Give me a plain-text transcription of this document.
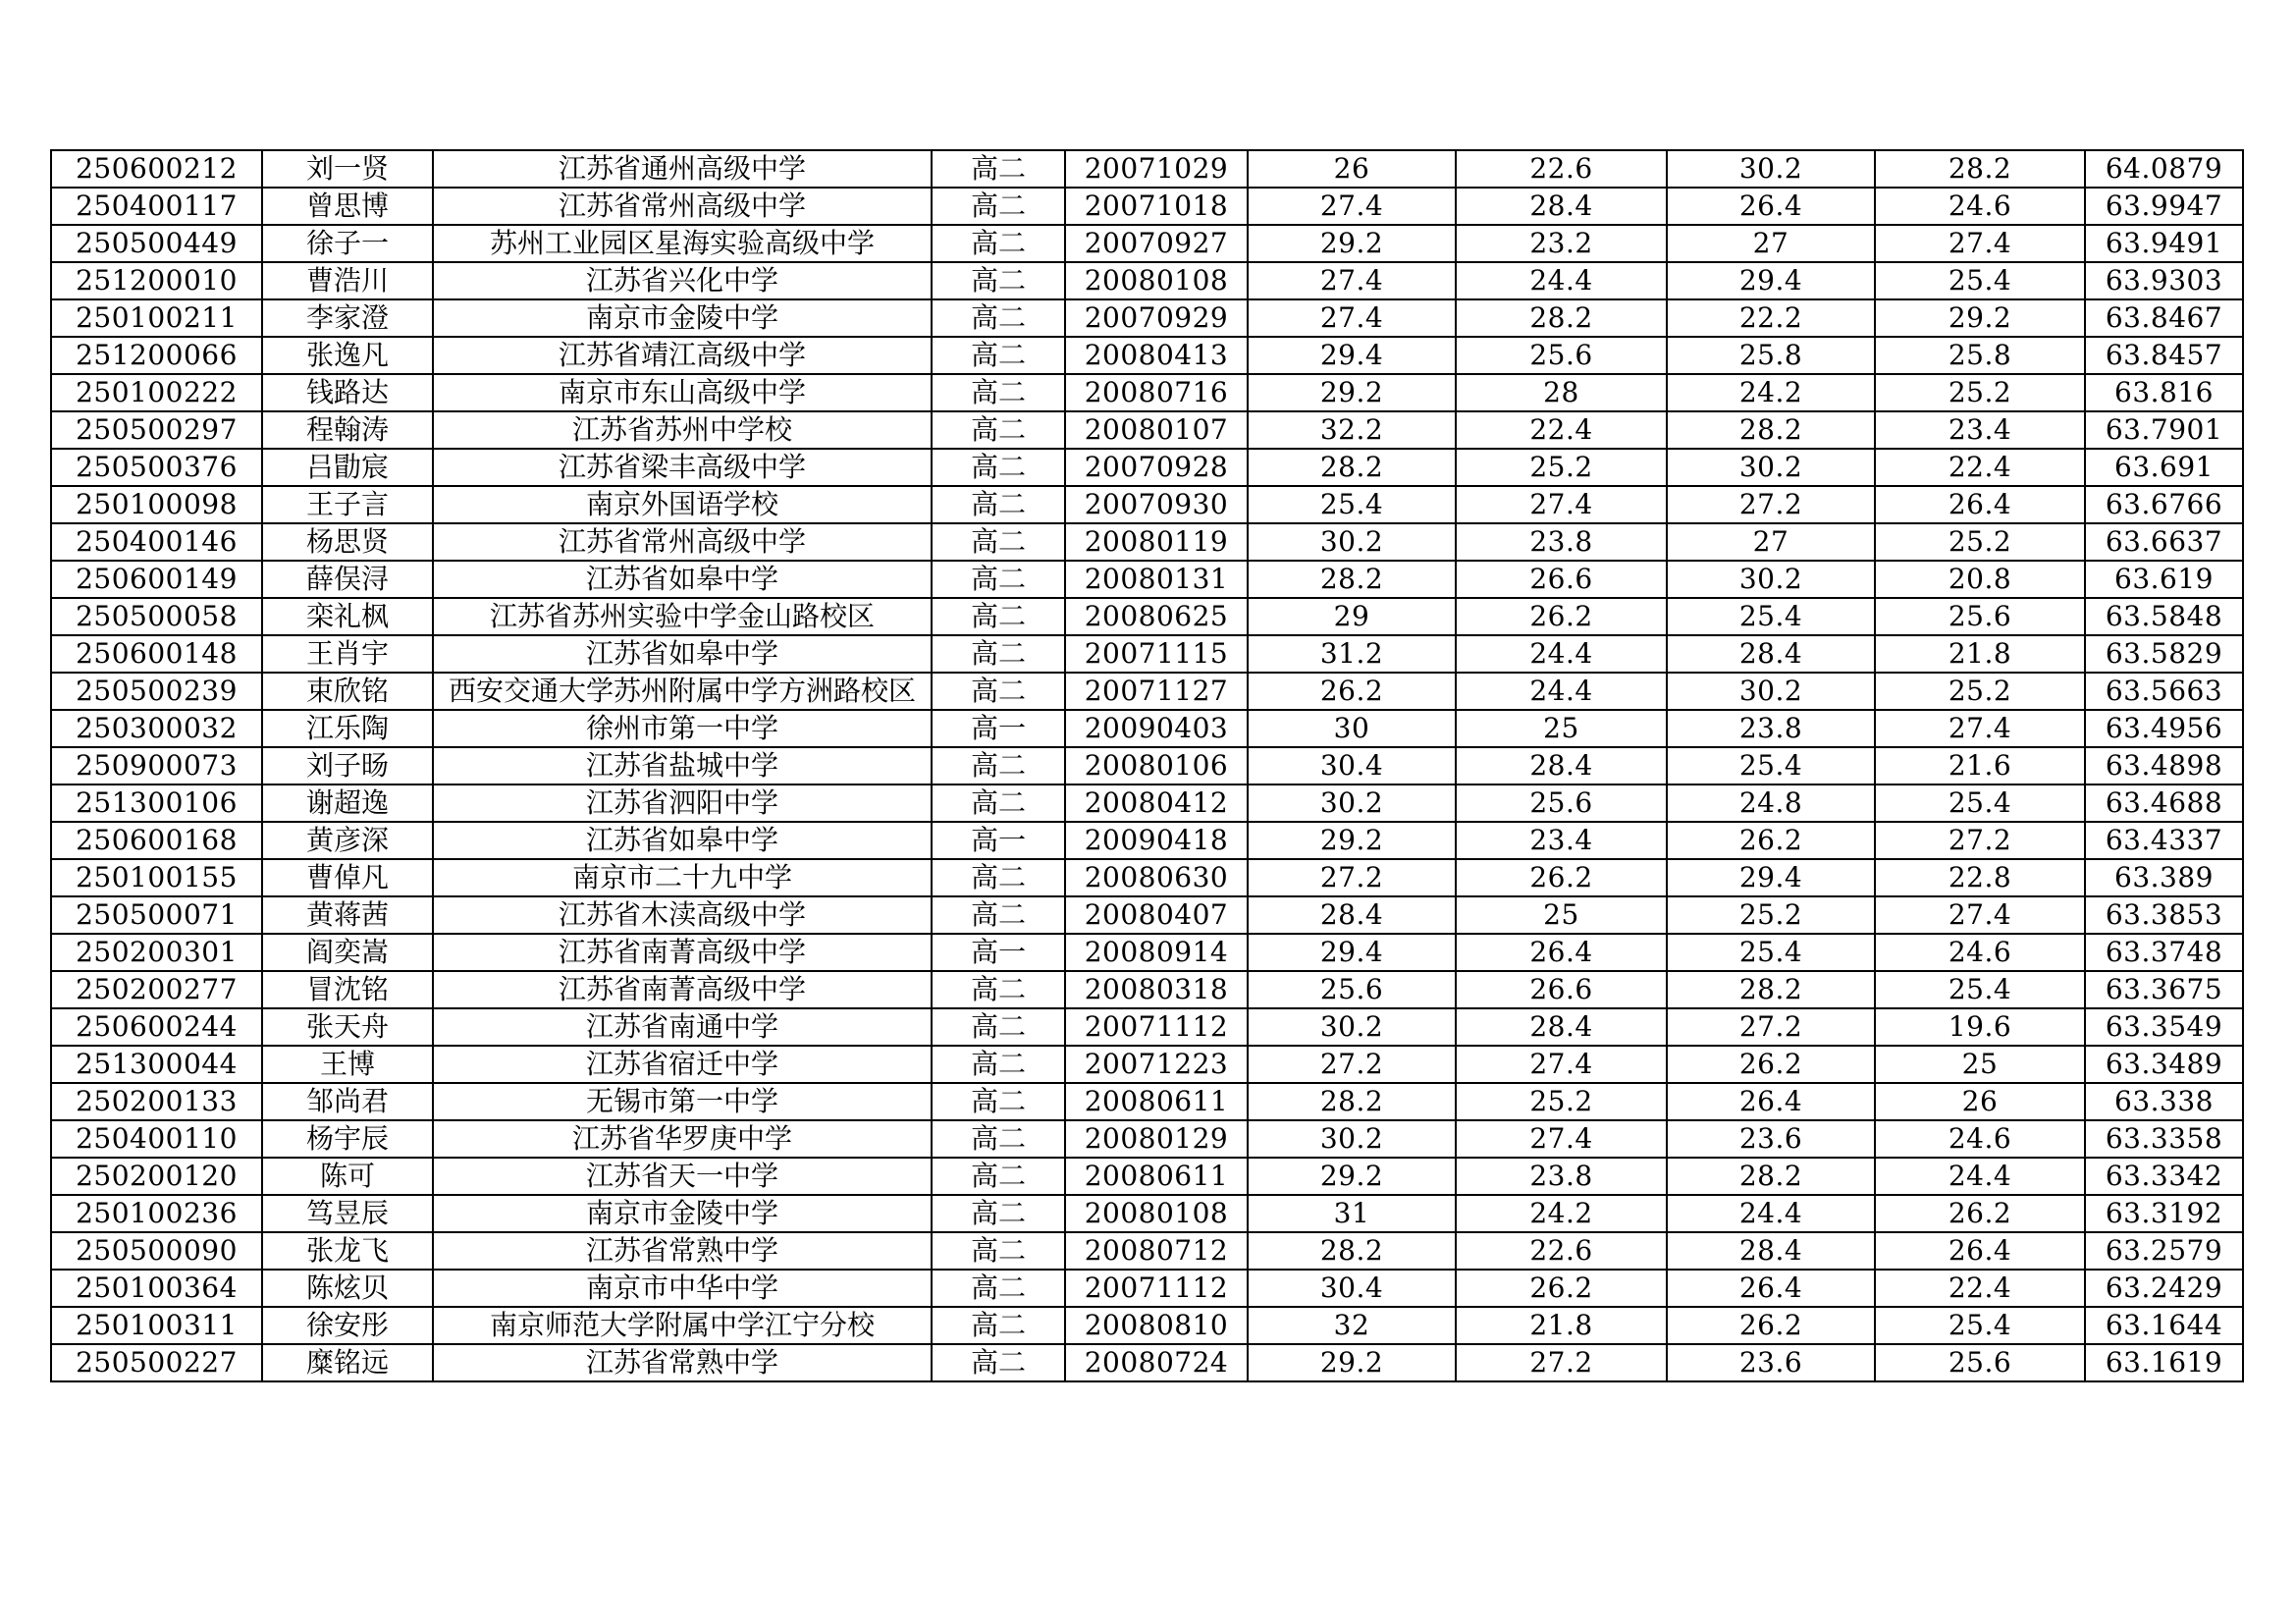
250600212	刘一贤	江苏省通州高级中学	高二	20071029	26	22.6	30.2	28.2	64.0879
250400117	曾思博	江苏省常州高级中学	高二	20071018	27.4	28.4	26.4	24.6	63.9947
250500449	徐子一	苏州工业园区星海实验高级中学	高二	20070927	29.2	23.2	27	27.4	63.9491
251200010	曹浩川	江苏省兴化中学	高二	20080108	27.4	24.4	29.4	25.4	63.9303
250100211	李家澄	南京市金陵中学	高二	20070929	27.4	28.2	22.2	29.2	63.8467
251200066	张逸凡	江苏省靖江高级中学	高二	20080413	29.4	25.6	25.8	25.8	63.8457
250100222	钱路达	南京市东山高级中学	高二	20080716	29.2	28	24.2	25.2	63.816
250500297	程翰涛	江苏省苏州中学校	高二	20080107	32.2	22.4	28.2	23.4	63.7901
250500376	吕勖宸	江苏省梁丰高级中学	高二	20070928	28.2	25.2	30.2	22.4	63.691
250100098	王子言	南京外国语学校	高二	20070930	25.4	27.4	27.2	26.4	63.6766
250400146	杨思贤	江苏省常州高级中学	高二	20080119	30.2	23.8	27	25.2	63.6637
250600149	薛俣浔	江苏省如皋中学	高二	20080131	28.2	26.6	30.2	20.8	63.619
250500058	栾礼枫	江苏省苏州实验中学金山路校区	高二	20080625	29	26.2	25.4	25.6	63.5848
250600148	王肖宇	江苏省如皋中学	高二	20071115	31.2	24.4	28.4	21.8	63.5829
250500239	束欣铭	西安交通大学苏州附属中学方洲路校区	高二	20071127	26.2	24.4	30.2	25.2	63.5663
250300032	江乐陶	徐州市第一中学	高一	20090403	30	25	23.8	27.4	63.4956
250900073	刘子旸	江苏省盐城中学	高二	20080106	30.4	28.4	25.4	21.6	63.4898
251300106	谢超逸	江苏省泗阳中学	高二	20080412	30.2	25.6	24.8	25.4	63.4688
250600168	黄彦深	江苏省如皋中学	高一	20090418	29.2	23.4	26.2	27.2	63.4337
250100155	曹倬凡	南京市二十九中学	高二	20080630	27.2	26.2	29.4	22.8	63.389
250500071	黄蒋茜	江苏省木渎高级中学	高二	20080407	28.4	25	25.2	27.4	63.3853
250200301	阎奕嵩	江苏省南菁高级中学	高一	20080914	29.4	26.4	25.4	24.6	63.3748
250200277	冒沈铭	江苏省南菁高级中学	高二	20080318	25.6	26.6	28.2	25.4	63.3675
250600244	张天舟	江苏省南通中学	高二	20071112	30.2	28.4	27.2	19.6	63.3549
251300044	王博	江苏省宿迁中学	高二	20071223	27.2	27.4	26.2	25	63.3489
250200133	邹尚君	无锡市第一中学	高二	20080611	28.2	25.2	26.4	26	63.338
250400110	杨宇辰	江苏省华罗庚中学	高二	20080129	30.2	27.4	23.6	24.6	63.3358
250200120	陈可	江苏省天一中学	高二	20080611	29.2	23.8	28.2	24.4	63.3342
250100236	笃昱辰	南京市金陵中学	高二	20080108	31	24.2	24.4	26.2	63.3192
250500090	张龙飞	江苏省常熟中学	高二	20080712	28.2	22.6	28.4	26.4	63.2579
250100364	陈炫贝	南京市中华中学	高二	20071112	30.4	26.2	26.4	22.4	63.2429
250100311	徐安彤	南京师范大学附属中学江宁分校	高二	20080810	32	21.8	26.2	25.4	63.1644
250500227	糜铭远	江苏省常熟中学	高二	20080724	29.2	27.2	23.6	25.6	63.1619
